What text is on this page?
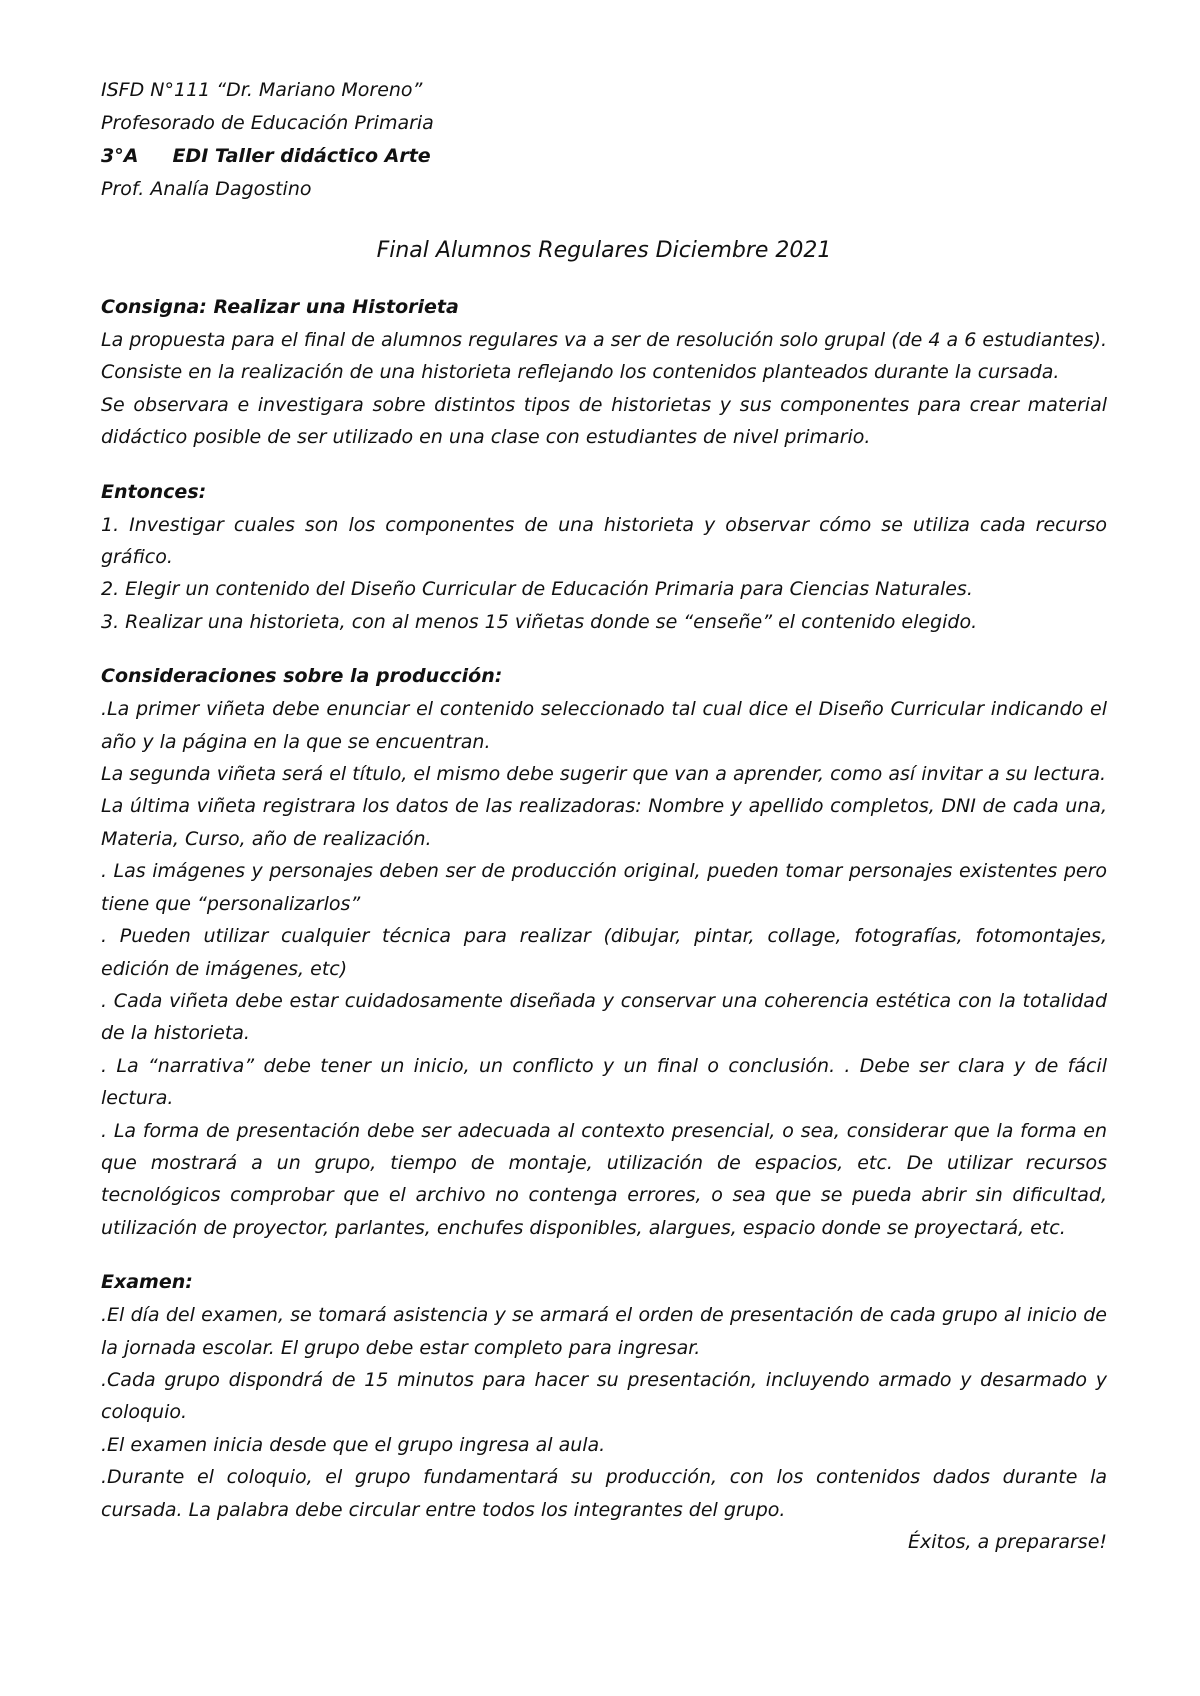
ISFD N°111 “Dr. Mariano Moreno”
Profesorado de Educación Primaria
3°A EDI Taller didáctico Arte
Prof. Analía Dagostino
Final Alumnos Regulares Diciembre 2021
Consigna: Realizar una Historieta

La propuesta para el final de alumnos regulares va a ser de resolución solo grupal (de 4 a 6 estudiantes). Consiste en la realización de una historieta reflejando los contenidos planteados durante la cursada.

Se observara e investigara sobre distintos tipos de historietas y sus componentes para crear material didáctico posible de ser utilizado en una clase con estudiantes de nivel primario.

Entonces:

1. Investigar cuales son los componentes de una historieta y observar cómo se utiliza cada recurso gráfico.

2. Elegir un contenido del Diseño Curricular de Educación Primaria para Ciencias Naturales.

3. Realizar una historieta, con al menos 15 viñetas donde se “enseñe” el contenido elegido.

Consideraciones sobre la producción:

.La primer viñeta debe enunciar el contenido seleccionado tal cual dice el Diseño Curricular indicando el año y la página en la que se encuentran.

La segunda viñeta será el título, el mismo debe sugerir que van a aprender, como así invitar a su lectura.

La última viñeta registrara los datos de las realizadoras: Nombre y apellido completos, DNI de cada una, Materia, Curso, año de realización.

. Las imágenes y personajes deben ser de producción original, pueden tomar personajes existentes pero tiene que “personalizarlos”

. Pueden utilizar cualquier técnica para realizar (dibujar, pintar, collage, fotografías, fotomontajes, edición de imágenes, etc)

. Cada viñeta debe estar cuidadosamente diseñada y conservar una coherencia estética con la totalidad de la historieta.

. La “narrativa” debe tener un inicio, un conflicto y un final o conclusión. . Debe ser clara y de fácil lectura.

. La forma de presentación debe ser adecuada al contexto presencial, o sea, considerar que la forma en que mostrará a un grupo, tiempo de montaje, utilización de espacios, etc. De utilizar recursos tecnológicos comprobar que el archivo no contenga errores, o sea que se pueda abrir sin dificultad, utilización de proyector, parlantes, enchufes disponibles, alargues, espacio donde se proyectará, etc.

Examen:

.El día del examen, se tomará asistencia y se armará el orden de presentación de cada grupo al inicio de la jornada escolar. El grupo debe estar completo para ingresar.

.Cada grupo dispondrá de 15 minutos para hacer su presentación, incluyendo armado y desarmado y coloquio.

.El examen inicia desde que el grupo ingresa al aula.

.Durante el coloquio, el grupo fundamentará su producción, con los contenidos dados durante la cursada. La palabra debe circular entre todos los integrantes del grupo.

Éxitos, a prepararse!
